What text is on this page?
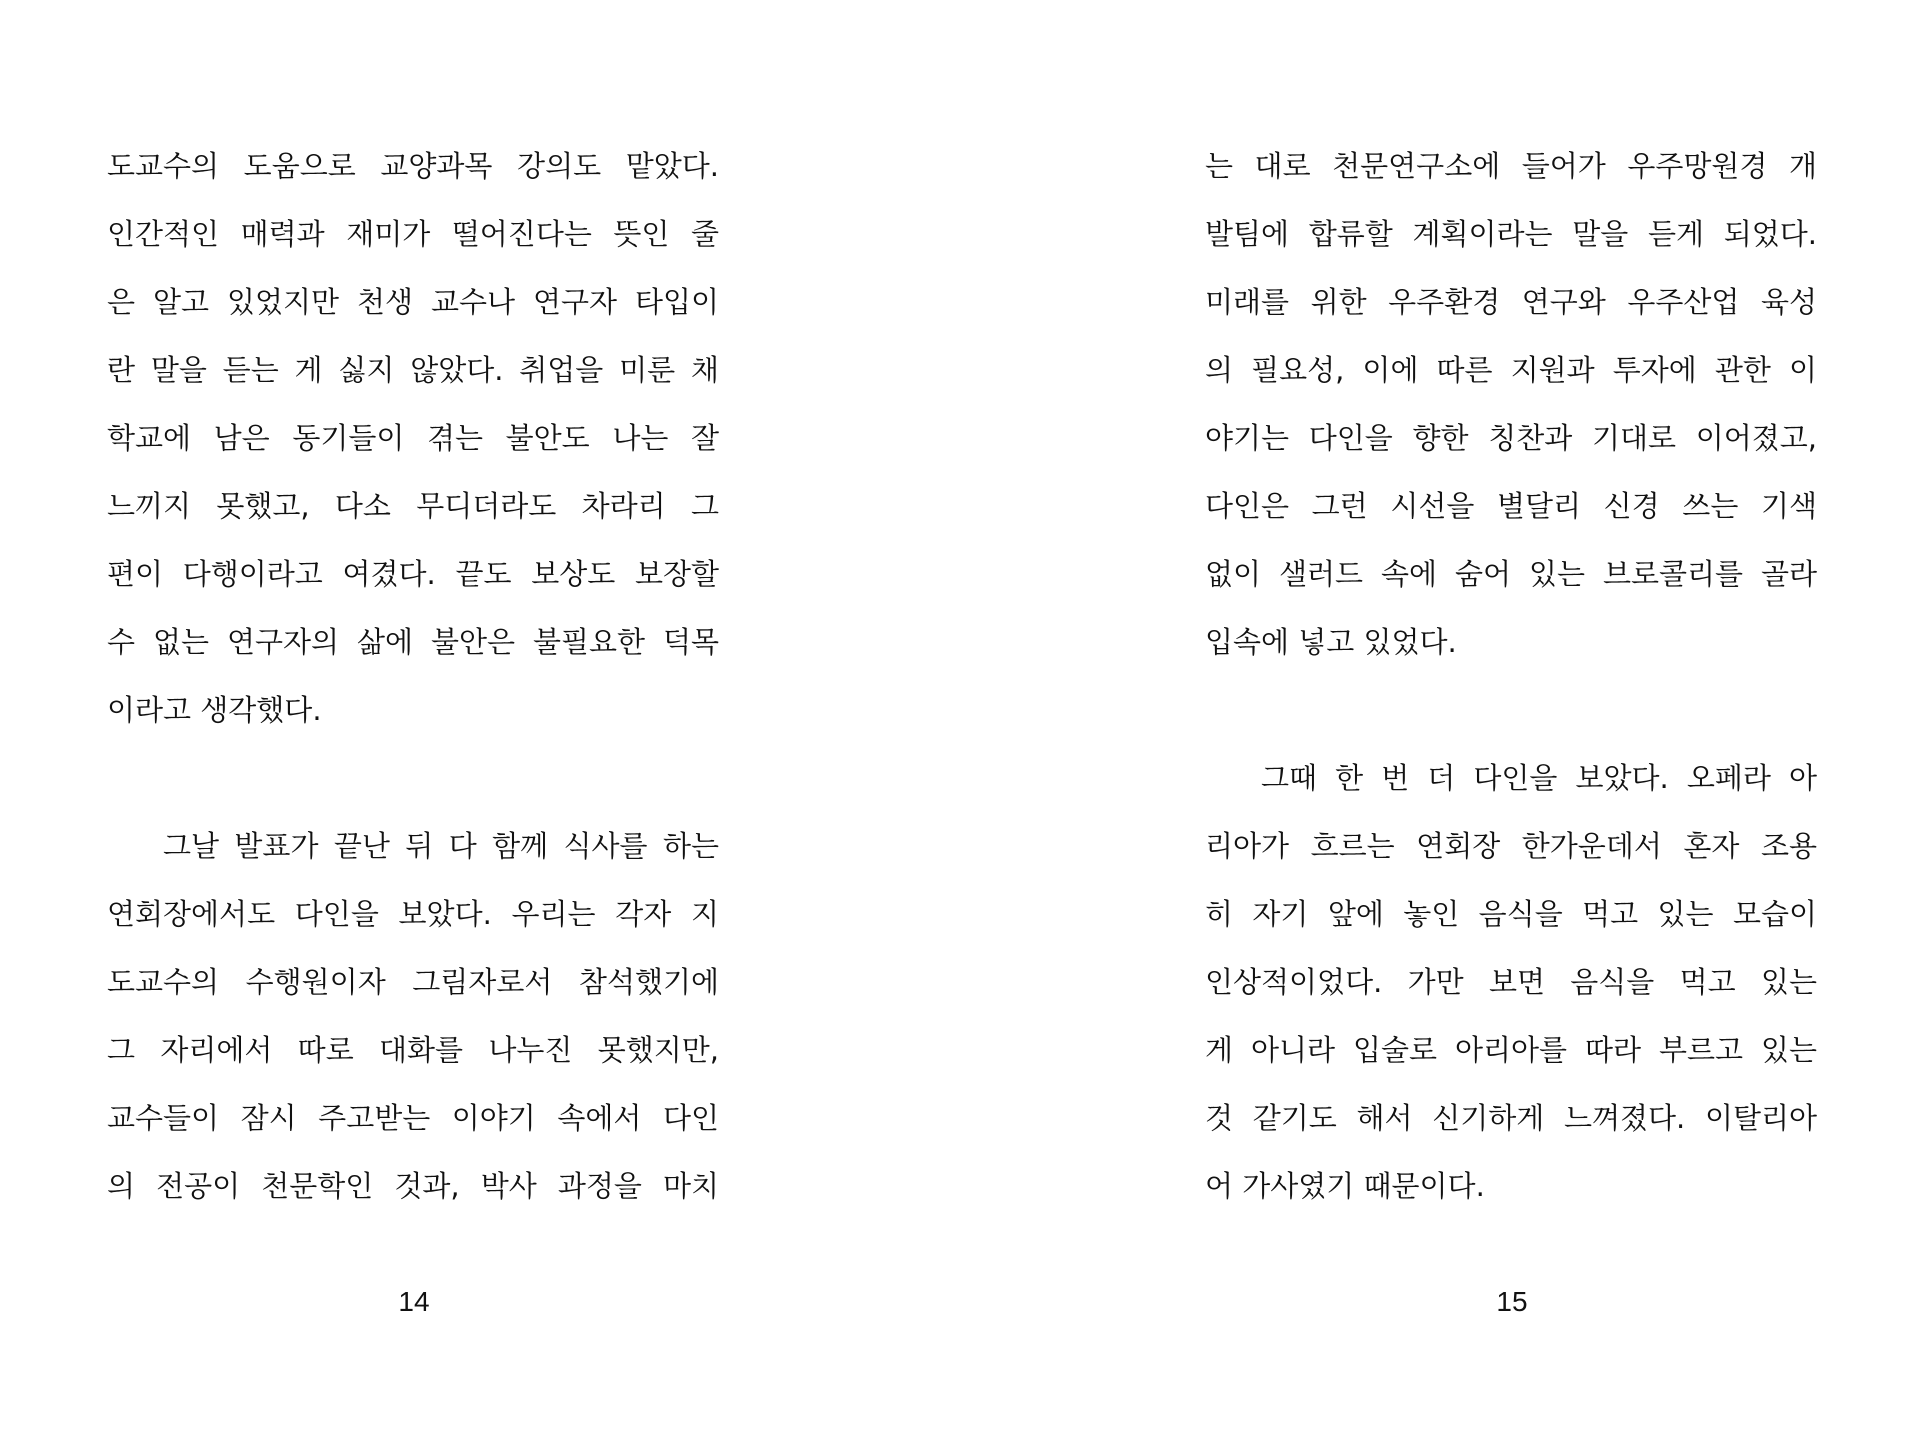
도교수의 도움으로 교양과목 강의도 맡았다.
인간적인 매력과 재미가 떨어진다는 뜻인 줄
은 알고 있었지만 천생 교수나 연구자 타입이
란 말을 듣는 게 싫지 않았다. 취업을 미룬 채
학교에 남은 동기들이 겪는 불안도 나는 잘
느끼지 못했고, 다소 무디더라도 차라리 그
편이 다행이라고 여겼다. 끝도 보상도 보장할
수 없는 연구자의 삶에 불안은 불필요한 덕목
이라고 생각했다.
그날 발표가 끝난 뒤 다 함께 식사를 하는
연회장에서도 다인을 보았다. 우리는 각자 지
도교수의 수행원이자 그림자로서 참석했기에
그 자리에서 따로 대화를 나누진 못했지만,
교수들이 잠시 주고받는 이야기 속에서 다인
의 전공이 천문학인 것과, 박사 과정을 마치
14
는 대로 천문연구소에 들어가 우주망원경 개
발팀에 합류할 계획이라는 말을 듣게 되었다.
미래를 위한 우주환경 연구와 우주산업 육성
의 필요성, 이에 따른 지원과 투자에 관한 이
야기는 다인을 향한 칭찬과 기대로 이어졌고,
다인은 그런 시선을 별달리 신경 쓰는 기색
없이 샐러드 속에 숨어 있는 브로콜리를 골라
입속에 넣고 있었다.
그때 한 번 더 다인을 보았다. 오페라 아
리아가 흐르는 연회장 한가운데서 혼자 조용
히 자기 앞에 놓인 음식을 먹고 있는 모습이
인상적이었다. 가만 보면 음식을 먹고 있는
게 아니라 입술로 아리아를 따라 부르고 있는
것 같기도 해서 신기하게 느껴졌다. 이탈리아
어 가사였기 때문이다.
15
